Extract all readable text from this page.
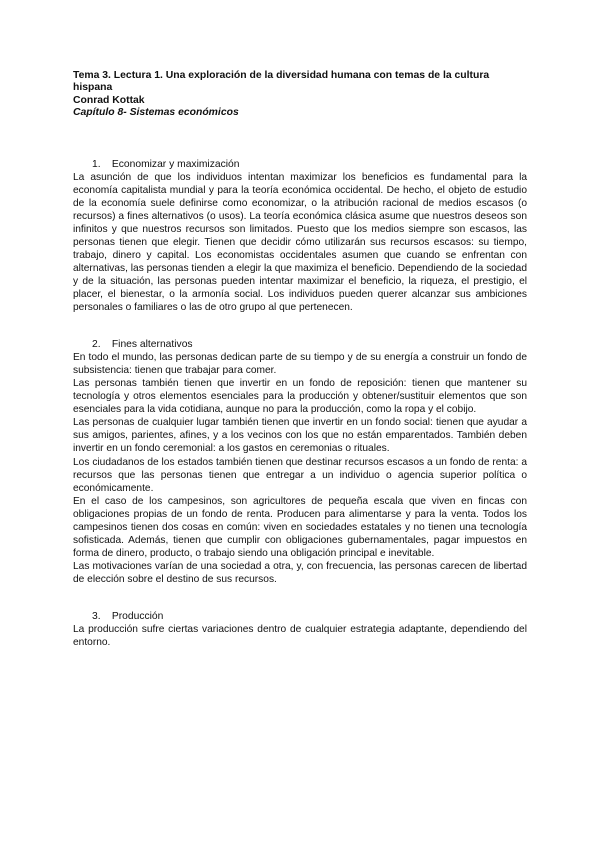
Tema 3. Lectura 1. Una exploración de la diversidad humana con temas de la cultura
hispana
Conrad Kottak
Capítulo 8- Sistemas económicos
1. Economizar y maximización

La asunción de que los individuos intentan maximizar los beneficios es fundamental para la economía capitalista mundial y para la teoría económica occidental. De hecho, el objeto de estudio de la economía suele definirse como economizar, o la atribución racional de medios escasos (o recursos) a fines alternativos (o usos). La teoría económica clásica asume que nuestros deseos son infinitos y que nuestros recursos son limitados. Puesto que los medios siempre son escasos, las personas tienen que elegir. Tienen que decidir cómo utilizarán sus recursos escasos: su tiempo, trabajo, dinero y capital. Los economistas occidentales asumen que cuando se enfrentan con alternativas, las personas tienden a elegir la que maximiza el beneficio. Dependiendo de la sociedad y de la situación, las personas pueden intentar maximizar el beneficio, la riqueza, el prestigio, el placer, el bienestar, o la armonía social. Los individuos pueden querer alcanzar sus ambiciones personales o familiares o las de otro grupo al que pertenecen.

2. Fines alternativos

En todo el mundo, las personas dedican parte de su tiempo y de su energía a construir un fondo de subsistencia: tienen que trabajar para comer.

Las personas también tienen que invertir en un fondo de reposición: tienen que mantener su tecnología y otros elementos esenciales para la producción y obtener/sustituir elementos que son esenciales para la vida cotidiana, aunque no para la producción, como la ropa y el cobijo.

Las personas de cualquier lugar también tienen que invertir en un fondo social: tienen que ayudar a sus amigos, parientes, afines, y a los vecinos con los que no están emparentados. También deben invertir en un fondo ceremonial: a los gastos en ceremonias o rituales.

Los ciudadanos de los estados también tienen que destinar recursos escasos a un fondo de renta: a recursos que las personas tienen que entregar a un individuo o agencia superior política o económicamente.

En el caso de los campesinos, son agricultores de pequeña escala que viven en fincas con obligaciones propias de un fondo de renta. Producen para alimentarse y para la venta. Todos los campesinos tienen dos cosas en común: viven en sociedades estatales y no tienen una tecnología sofisticada. Además, tienen que cumplir con obligaciones gubernamentales, pagar impuestos en forma de dinero, producto, o trabajo siendo una obligación principal e inevitable.

Las motivaciones varían de una sociedad a otra, y, con frecuencia, las personas carecen de libertad de elección sobre el destino de sus recursos.

3. Producción

La producción sufre ciertas variaciones dentro de cualquier estrategia adaptante, dependiendo del entorno.
